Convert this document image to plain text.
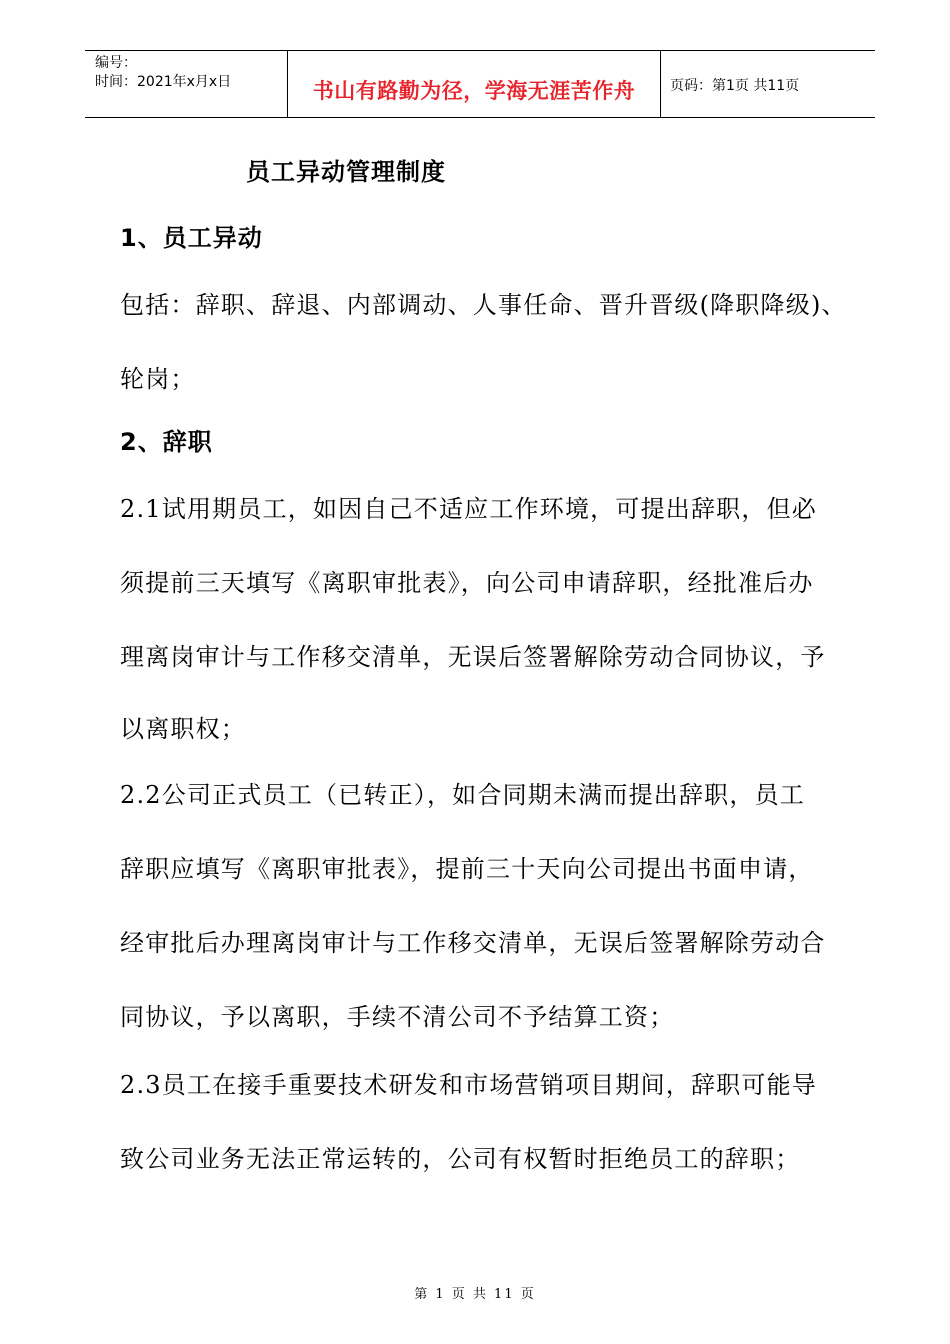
编号：
时间：2021年x月x日	书山有路勤为径，学海无涯苦作舟	页码：第1页 共11页
员工异动管理制度
1、员工异动
包括：辞职、辞退、内部调动、人事任命、晋升晋级(降职降级)、
轮岗；
2、辞职
2.1试用期员工，如因自己不适应工作环境，可提出辞职，但必
须提前三天填写《离职审批表》，向公司申请辞职，经批准后办
理离岗审计与工作移交清单，无误后签署解除劳动合同协议，予
以离职权；
2.2公司正式员工（已转正），如合同期未满而提出辞职，员工
辞职应填写《离职审批表》，提前三十天向公司提出书面申请，
经审批后办理离岗审计与工作移交清单，无误后签署解除劳动合
同协议，予以离职，手续不清公司不予结算工资；
2.3员工在接手重要技术研发和市场营销项目期间，辞职可能导
致公司业务无法正常运转的，公司有权暂时拒绝员工的辞职；
第 1 页 共 11 页
